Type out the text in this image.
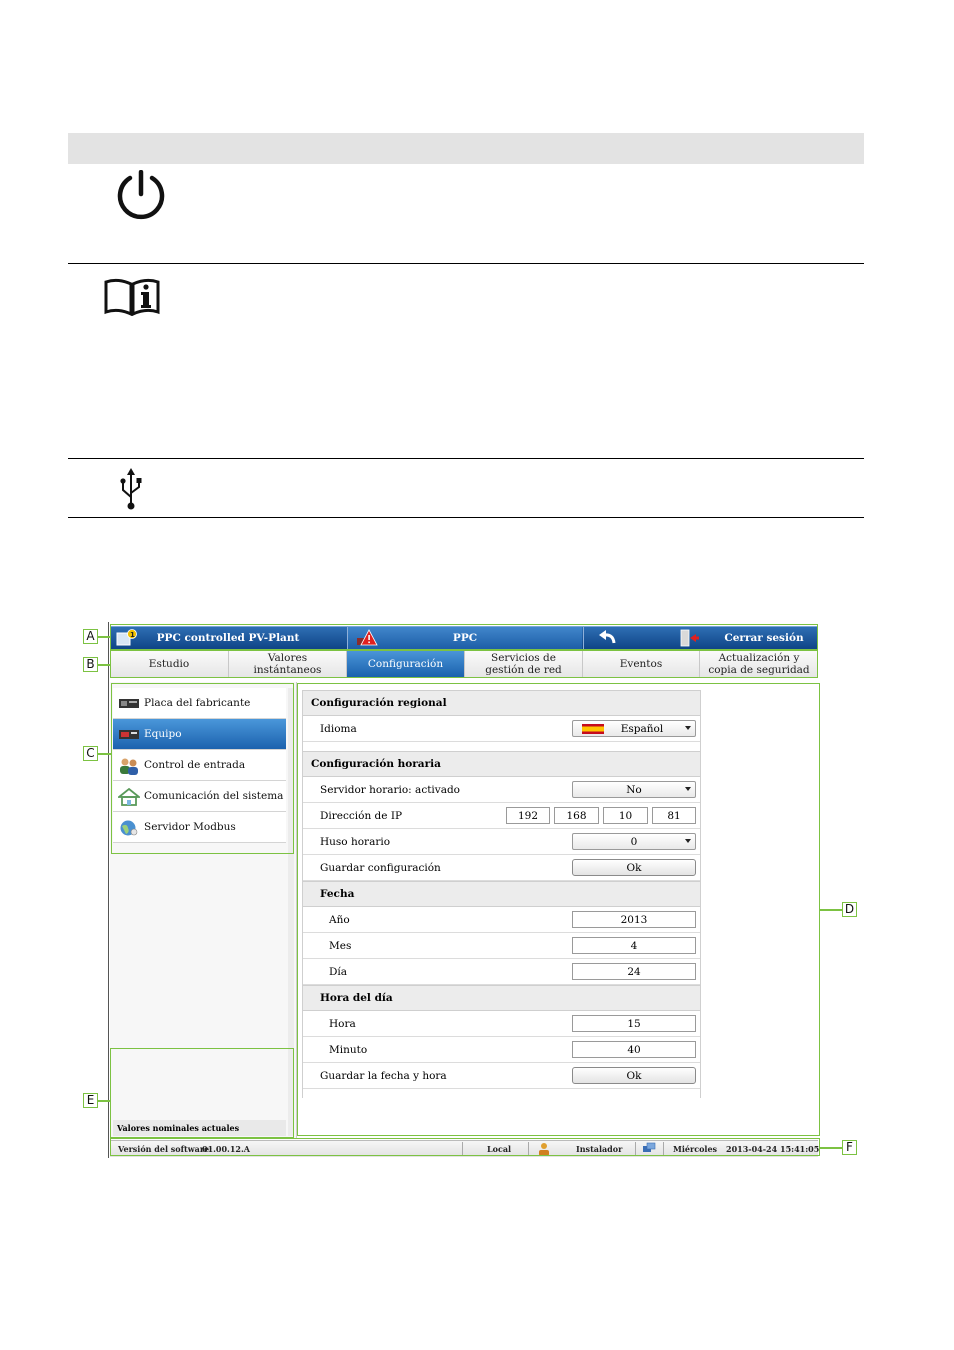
1 PPC controlled PV-Plant	PPC	Cerrar sesión
Estudio	Valores instántaneos	Configuración	Servicios de gestión de red	Eventos	Actualización y copia de seguridad
Placa del fabricante
Equipo
Control de entrada
Comunicación del sistema
Servidor Modbus
Valores nominales actuales
Configuración regional
Idioma	Español
Configuración horaria
Servidor horario: activado	No
Dirección de IP	192	168	10	81
Huso horario	0
Guardar configuración	Ok
Fecha
Año	2013
Mes	4
Día	24
Hora del día
Hora	15
Minuto	40
Guardar la fecha y hora	Ok
Versión del software:
01.00.12.A	Local	Instalador	Miércoles 2013-04-24 15:41:05
A
B
C
D
E
F
